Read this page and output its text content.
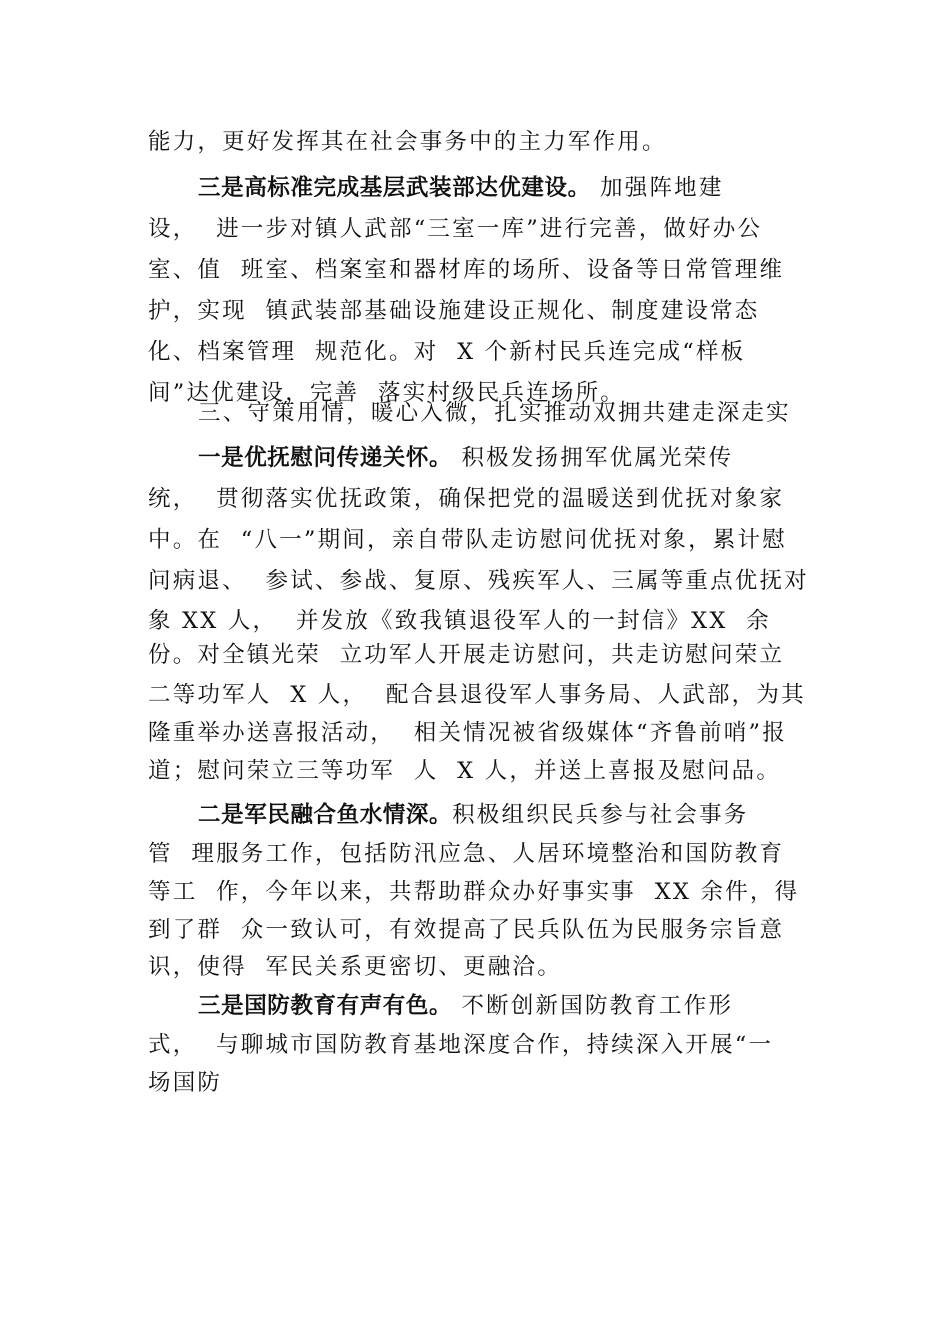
能力，更好发挥其在社会事务中的主力军作用。
三是高标准完成基层武装部达优建设。 加强阵地建
设，  进一步对镇人武部“三室一库”进行完善，做好办公
室、值  班室、档案室和器材库的场所、设备等日常管理维
护，实现  镇武装部基础设施建设正规化、制度建设常态
化、档案管理  规范化。对  X 个新村民兵连完成“样板
间”达优建设，完善  落实村级民兵连场所。
三、守策用情，暖心入微，扎实推动双拥共建走深走实
一是优抚慰问传递关怀。 积极发扬拥军优属光荣传
统，  贯彻落实优抚政策，确保把党的温暖送到优抚对象家
中。在  “八一”期间，亲自带队走访慰问优抚对象，累计慰
问病退、  参试、参战、复原、残疾军人、三属等重点优抚对
象 XX 人，  并发放《致我镇退役军人的一封信》XX  余
份。对全镇光荣  立功军人开展走访慰问，共走访慰问荣立
二等功军人  X 人，  配合县退役军人事务局、人武部，为其
隆重举办送喜报活动，  相关情况被省级媒体“齐鲁前哨”报
道；慰问荣立三等功军  人  X 人，并送上喜报及慰问品。
二是军民融合鱼水情深。积极组织民兵参与社会事务
管  理服务工作，包括防汛应急、人居环境整治和国防教育
等工  作，今年以来，共帮助群众办好事实事  XX 余件，得
到了群  众一致认可，有效提高了民兵队伍为民服务宗旨意
识，使得  军民关系更密切、更融洽。
三是国防教育有声有色。 不断创新国防教育工作形
式，  与聊城市国防教育基地深度合作，持续深入开展“一
场国防
